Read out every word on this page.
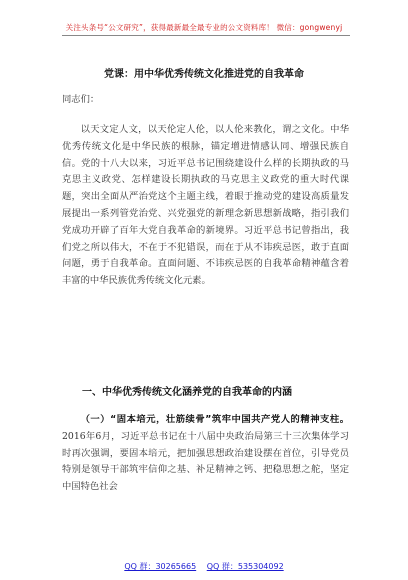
关注头条号“公文研究”，获得最新最全最专业的公文资料库！ 微信：gongwenyj
党课：用中华优秀传统文化推进党的自我革命
同志们：
以天文定人文，以天伦定人伦，以人伦来教化，谓之文化。中华优秀传统文化是中华民族的根脉，锚定增进情感认同、增强民族自信。党的十八大以来，习近平总书记围绕建设什么样的长期执政的马克思主义政党、怎样建设长期执政的马克思主义政党的重大时代课题，突出全面从严治党这个主题主线，着眼于推动党的建设高质量发展提出一系列管党治党、兴党强党的新理念新思想新战略，指引我们党成功开辟了百年大党自我革命的新境界。习近平总书记曾指出，我们党之所以伟大，不在于不犯错误，而在于从不讳疾忌医，敢于直面问题，勇于自我革命。直面问题、不讳疾忌医的自我革命精神蕴含着丰富的中华民族优秀传统文化元素。
一、中华优秀传统文化涵养党的自我革命的内涵
（一）“固本培元，壮筋续骨”筑牢中国共产党人的精神支柱。2016年6月，习近平总书记在十八届中央政治局第三十三次集体学习时再次强调，要固本培元，把加强思想政治建设摆在首位，引导党员特别是领导干部筑牢信仰之基、补足精神之钙、把稳思想之舵，坚定中国特色社会
QQ 群：30265665 QQ 群：535304092
